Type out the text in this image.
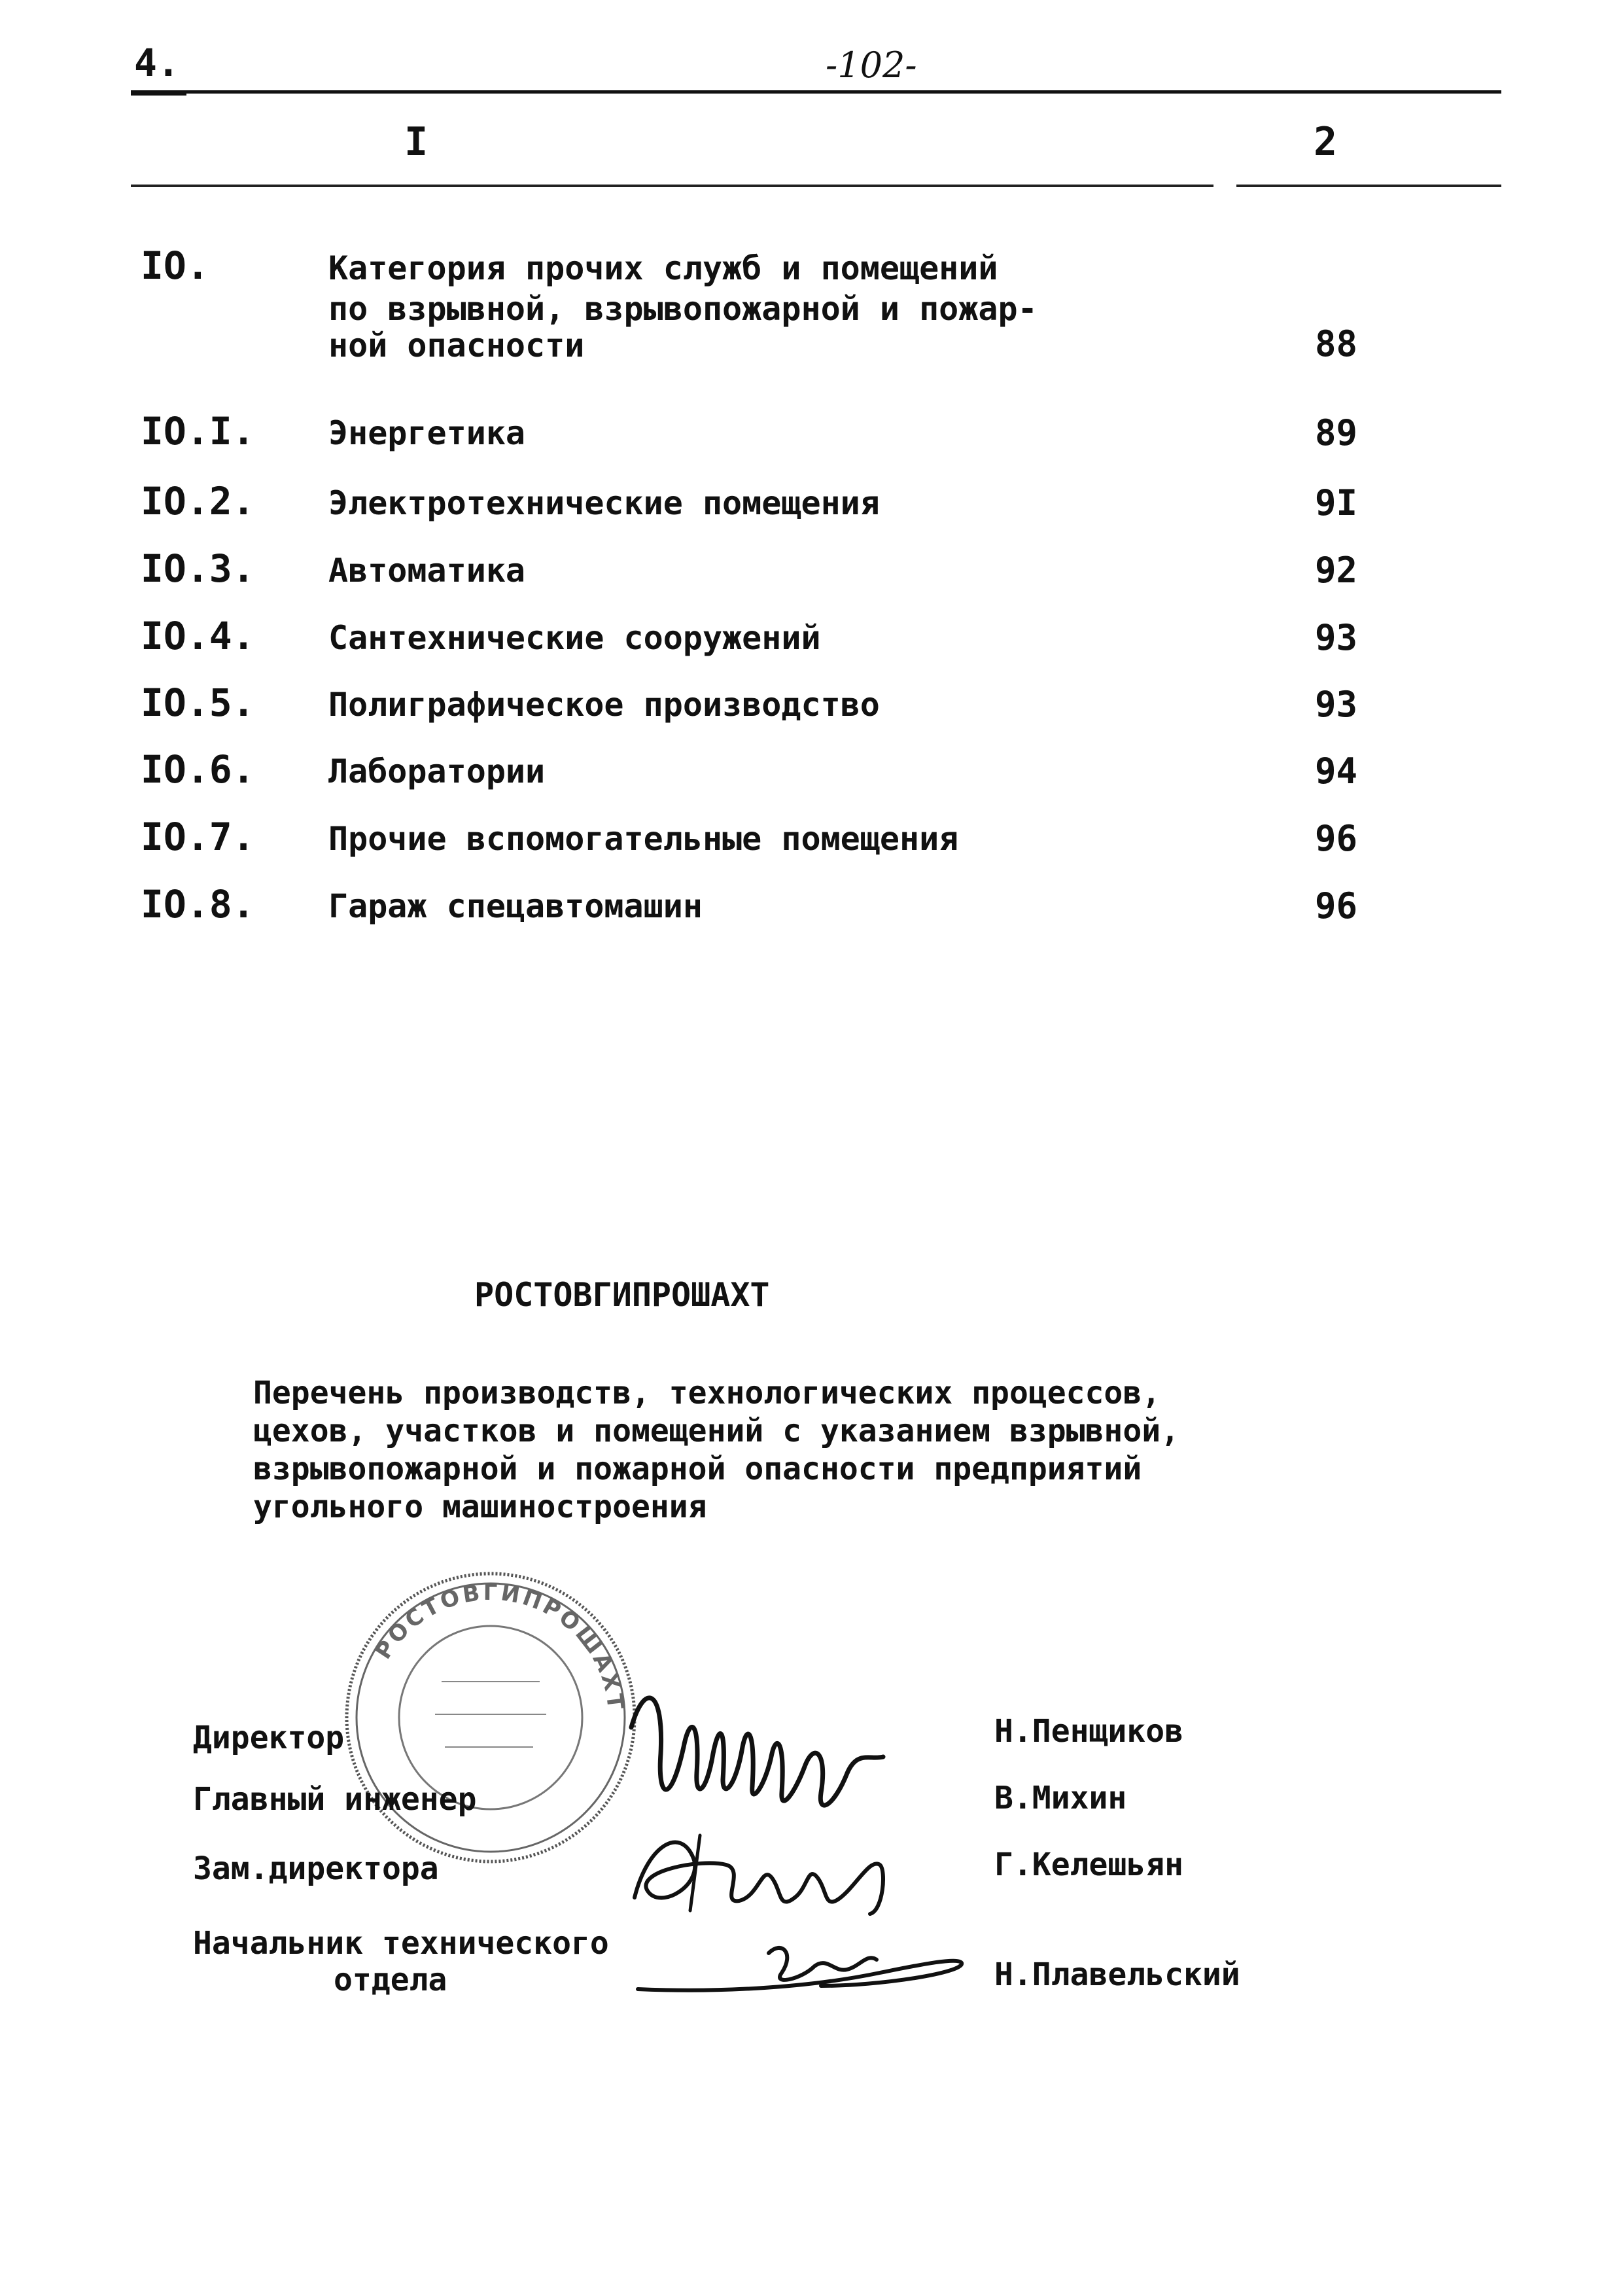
4.	-102-
I	2
IO.	Категория прочих служб и помещений
по взрывной, взрывопожарной и пожар-
ной опасности	88
IO.I. Энергетика	89
IO.2. Электротехнические помещения	9I
IO.3. Автоматика	92
IO.4. Сантехнические сооружений	93
IO.5. Полиграфическое производство	93
IO.6. Лаборатории	94
IO.7. Прочие вспомогательные помещения	96
IO.8. Гараж спецавтомашин	96
РОСТОВГИПРОШАХТ
Перечень производств, технологических процессов,
цехов, участков и помещений с указанием взрывной,
взрывопожарной и пожарной опасности предприятий
угольного машиностроения
РОСТОВГИПРОШАХТ
Директор	Н.Пенщиков
Главный инженер	В.Михин
Зам.директора	Г.Келешьян
Начальник технического
отдела	Н.Плавельский
